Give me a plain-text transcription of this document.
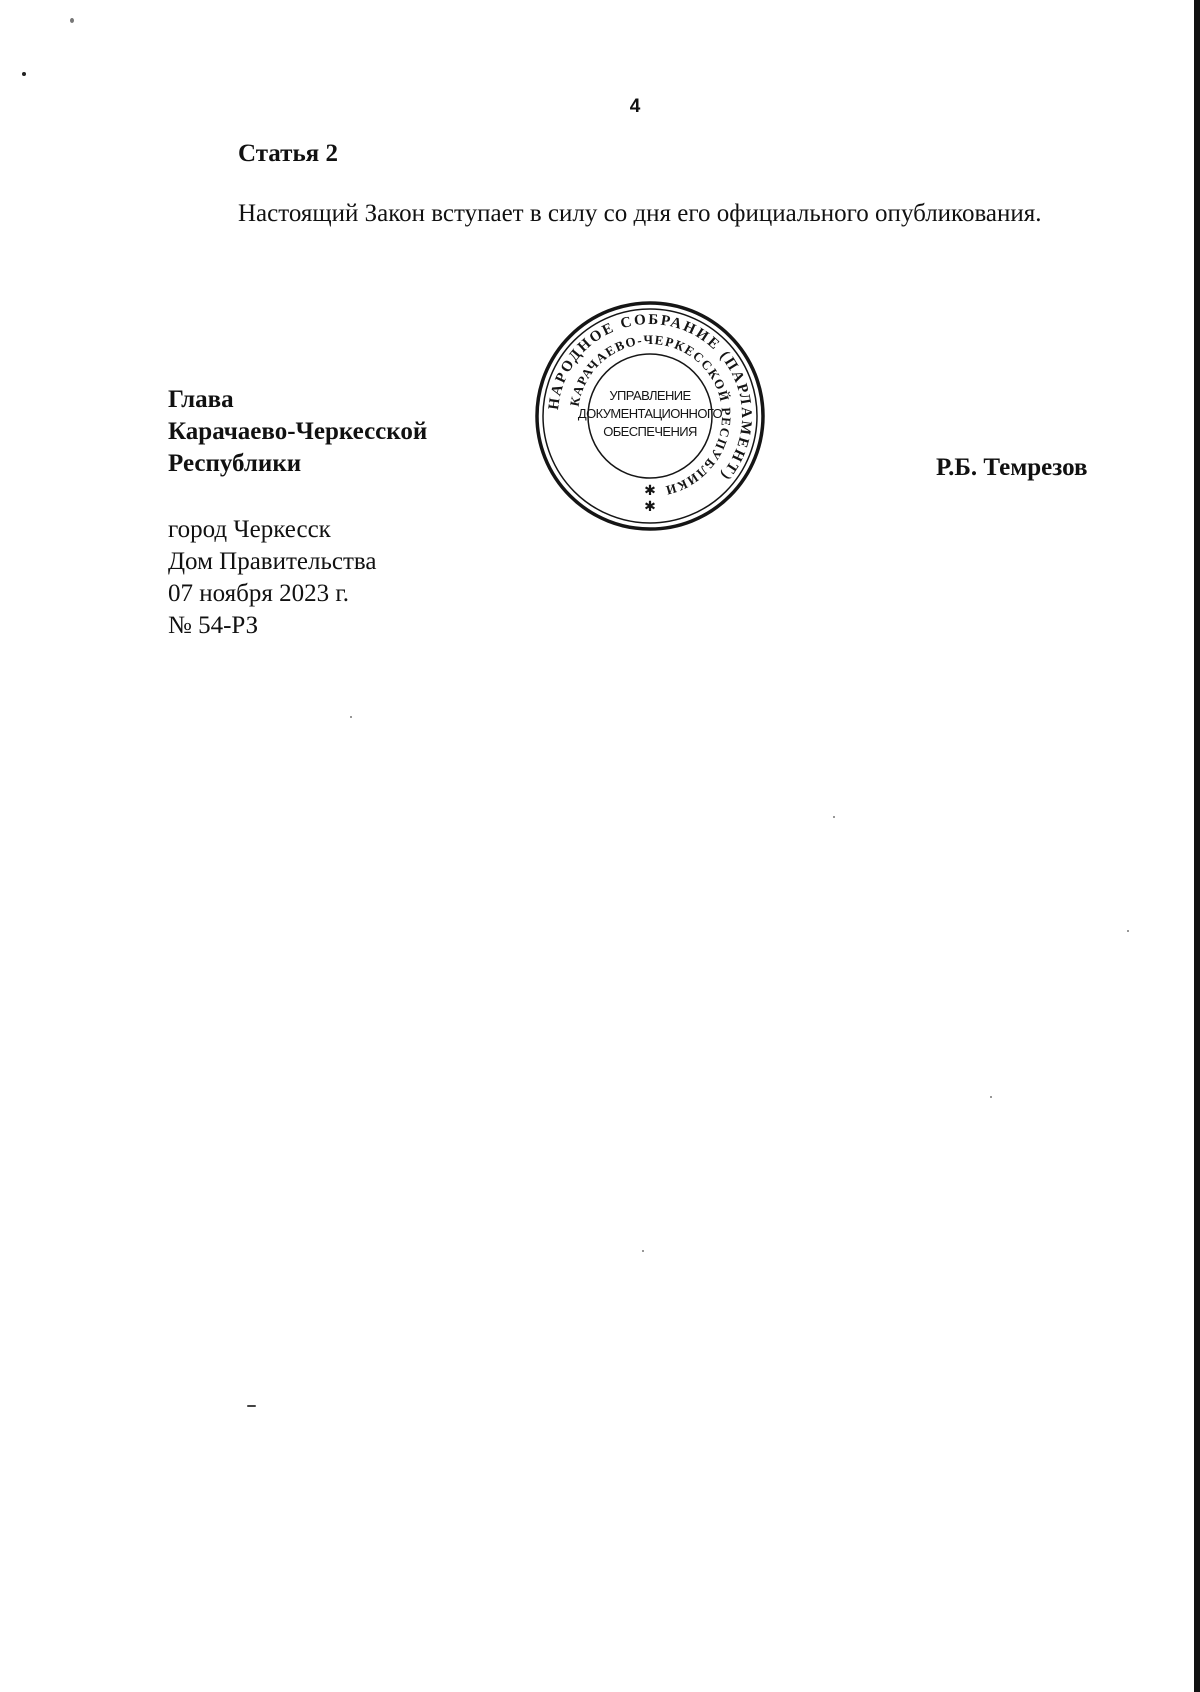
4
Статья 2

Настоящий Закон вступает в силу со дня его официального опубликования.

Глава
Карачаево-Черкесской
Республики	Р.Б. Темрезов
город Черкесск
Дом Правительства
07 ноября 2023 г.
№ 54-РЗ
НАРОДНОЕ СОБРАНИЕ (ПАРЛАМЕНТ)
КАРАЧАЕВО-ЧЕРКЕССКОЙ РЕСПУБЛИКИ
УПРАВЛЕНИЕ
ДОКУМЕНТАЦИОННОГО
ОБЕСПЕЧЕНИЯ
✱
✱
